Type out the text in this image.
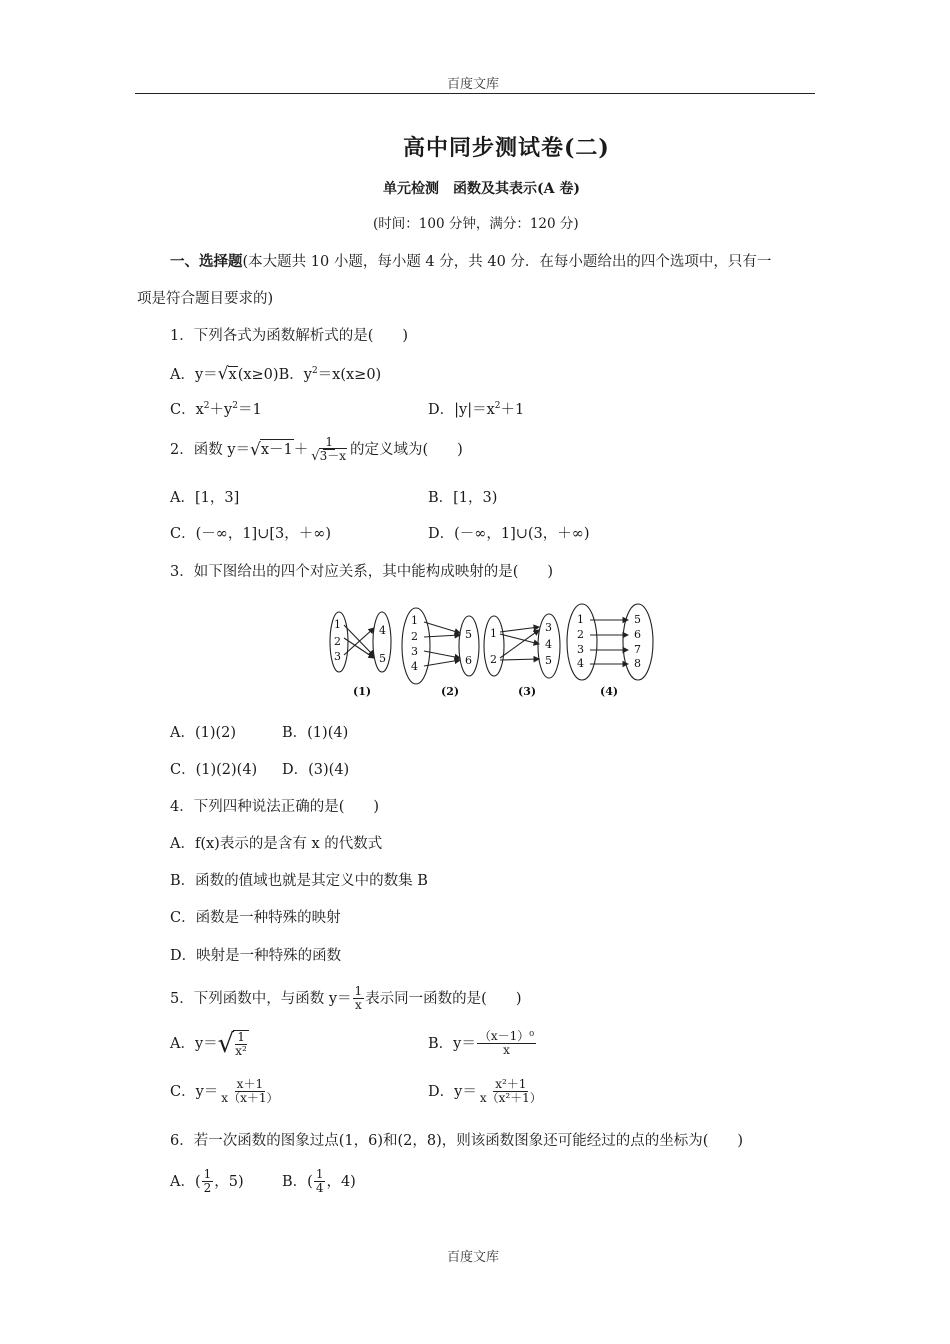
百度文库
高中同步测试卷(二)
单元检测　函数及其表示(A 卷)
(时间：100 分钟，满分：120 分)
一、选择题(本大题共 10 小题，每小题 4 分，共 40 分．在每小题给出的四个选项中，只有一
项是符合题目要求的)
1．下列各式为函数解析式的是(　　)
A．y＝√x(x≥0)B．$y^2=x(x\ge 0)$
C．$x^2+y^2=1$	D．$|y|=x^2+1$
2．函数 y＝ √ $x-1 + \frac{1}{√3-x}$ 的定义域为(　　)
A．[1，3]	B．[1，3)
C．(－∞，1]∪[3，＋∞)	D．(－∞，1]∪(3，＋∞)
3．如下图给出的四个对应关系，其中能构成映射的是(　　)
1
2
3
4
5
1
2
3
4
5
6
1
2
3
4
5
1
2
3
4
5
6
7
8
(1)	(2)	(3)	(4)
A．(1)(2)	B．(1)(4)
C．(1)(2)(4) D．(3)(4)
4．下列四种说法正确的是(　　)
A．f(x)表示的是含有 x 的代数式
B．函数的值域也就是其定义中的数集 B
C．函数是一种特殊的映射
D．映射是一种特殊的函数
5．下列函数中，与函数 $y= \frac{1}{x}$ 表示同一函数的是(　　)
A．y＝ √ $\frac{1}{\text{x²}}$	B．$y= \frac{\text{（x－1）⁰}}{x}$
C．$y= \frac{x+1}{x(x+1)}$	D．$y= \frac{\text{x²＋1}}{\text{x（x²＋1）}}$
6．若一次函数的图象过点(1，6)和(2，8)，则该函数图象还可能经过的点的坐标为(　　)
A．( $\frac{1}{2}$ ，5)	B．( $\frac{1}{4}$ ，4)
百度文库
